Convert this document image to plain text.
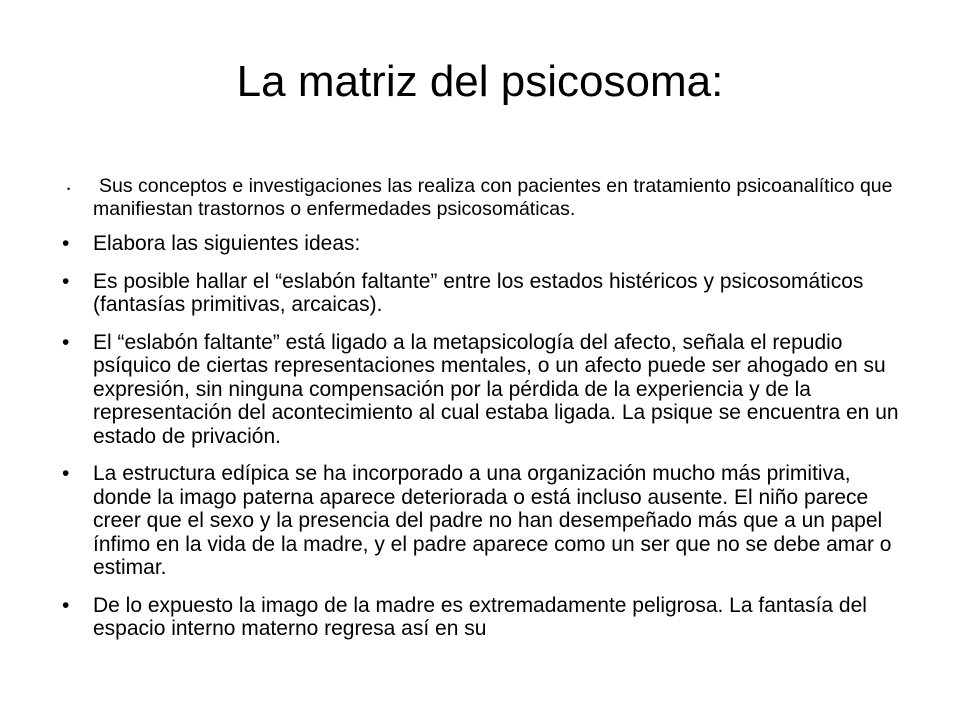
La matriz del psicosoma:
•	Sus conceptos e investigaciones las realiza con pacientes en tratamiento psicoanalítico que manifiestan trastornos o enfermedades psicosomáticas.
• Elabora las siguientes ideas:
• Es posible hallar el “eslabón faltante” entre los estados histéricos y psicosomáticos (fantasías primitivas, arcaicas).
• El “eslabón faltante” está ligado a la metapsicología del afecto, señala el repudio psíquico de ciertas representaciones mentales, o un afecto puede ser ahogado en su expresión, sin ninguna compensación por la pérdida de la experiencia y de la representación del acontecimiento al cual estaba ligada. La psique se encuentra en un estado de privación.
• La estructura edípica se ha incorporado a una organización mucho más primitiva, donde la imago paterna aparece deteriorada o está incluso ausente. El niño parece creer que el sexo y la presencia del padre no han desempeñado más que a un papel ínfimo en la vida de la madre, y el padre aparece como un ser que no se debe amar o estimar.
• De lo expuesto la imago de la madre es extremadamente peligrosa. La fantasía del espacio interno materno regresa así en su
